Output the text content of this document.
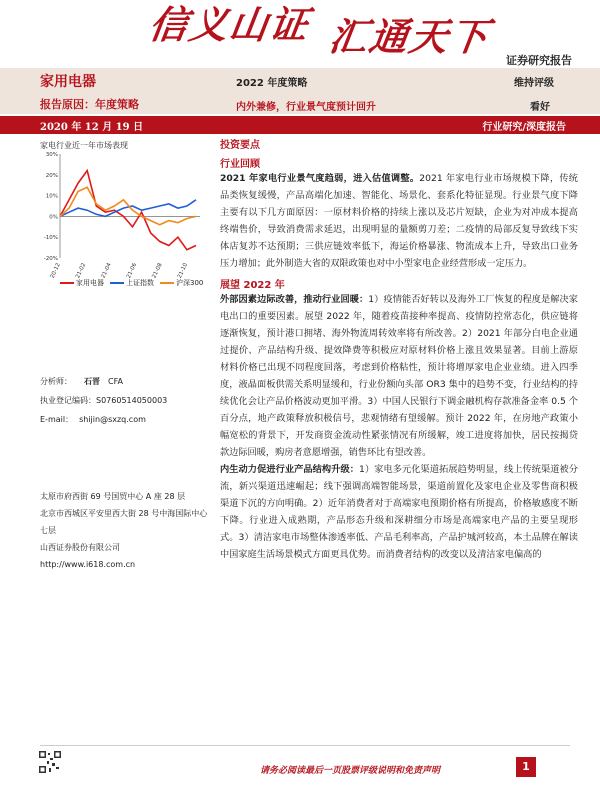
信义山证 汇通天下
证券研究报告
家用电器
报告原因：年度策略
2022 年度策略
内外兼修，行业景气度预计回升
维持评级
看好
2020 年 12 月 19 日	行业研究/深度报告
家电行业近一年市场表现
-20%
-10%
0%
10%
20%
30%
20-12 21-02 21-04 21-06 21-08 21-10
家用电器	上证指数	沪深300
分析师： 石晋 CFA
执业登记编码：S0760514050003
E-mail： shijin@sxzq.com
太原市府西街 69 号国贸中心 A 座 28 层
北京市西城区平安里西大街 28 号中海国际中心七层
山西证券股份有限公司
http://www.i618.com.cn
投资要点
行业回顾
2021 年家电行业景气度趋弱，进入估值调整。2021 年家电行业市场规模下降，传统品类恢复缓慢，产品高端化加速、智能化、场景化、套系化特征显现。行业景气度下降主要有以下几方面原因：一原材料价格的持续上涨以及芯片短缺，企业为对冲成本提高终端售价，导致消费需求延迟，出现明显的量额剪刀差；二疫情的局部反复导致线下实体店复苏不达预期；三供应链效率低下，海运价格暴涨、物流成本上升，导致出口业务压力增加；此外制造大省的双限政策也对中小型家电企业经营形成一定压力。
展望 2022 年
外部因素边际改善，推动行业回暖：1）疫情能否好转以及海外工厂恢复的程度是解决家电出口的重要因素。展望 2022 年，随着疫苗接种率提高、疫情防控常态化，供应链将逐渐恢复，预计港口拥堵、海外物流周转效率将有所改善。2）2021 年部分白电企业通过提价、产品结构升级、提效降费等积极应对原材料价格上涨且效果显著。目前上游原材料价格已出现不同程度回落，考虑到价格粘性，预计将增厚家电企业业绩。进入四季度，液晶面板供需关系明显缓和，行业份额向头部 OR3 集中的趋势不变，行业结构的持续优化会让产品价格波动更加平滑。3）中国人民银行下调金融机构存款准备金率 0.5 个百分点，地产政策释放积极信号，悲观情绪有望缓解。预计 2022 年，在房地产政策小幅宽松的背景下，开发商资金流动性紧张情况有所缓解，竣工进度将加快，居民按揭贷款边际回暖，购房者意愿增强，销售环比有望改善。
内生动力促进行业产品结构升级：1）家电多元化渠道拓展趋势明显，线上传统渠道被分流，新兴渠道迅速崛起；线下强调高端智能场景，渠道前置化及家电企业及零售商积极渠道下沉的方向明确。2）近年消费者对于高端家电预期价格有所提高，价格敏感度不断下降。行业进入成熟期，产品形态升级和深耕细分市场是高端家电产品的主要呈现形式。3）清洁家电市场整体渗透率低、产品毛利率高，产品护城河较高，本土品牌在解读中国家庭生活场景模式方面更具优势。而消费者结构的改变以及清洁家电偏高的
请务必阅读最后一页股票评级说明和免责声明	1
